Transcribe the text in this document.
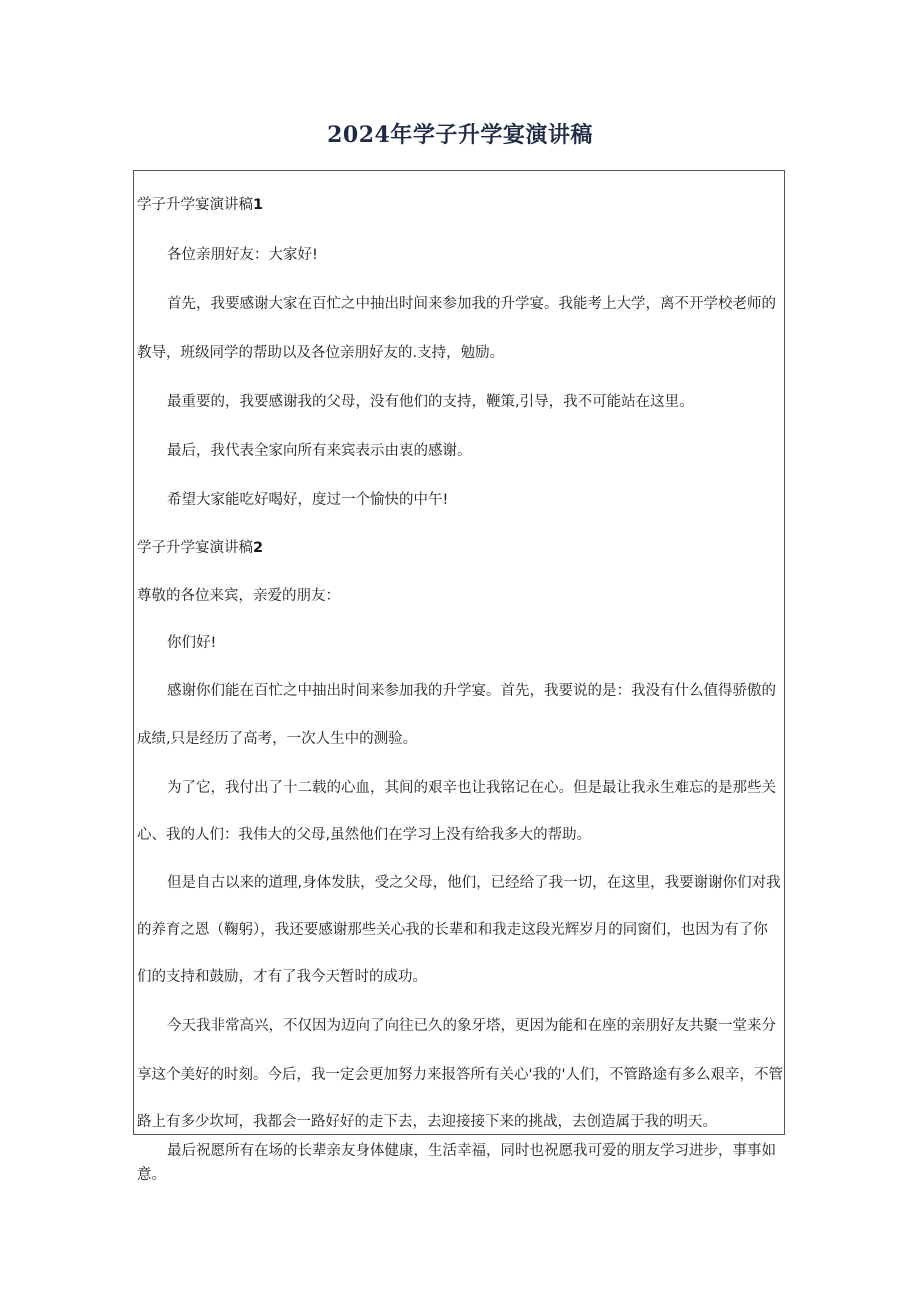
2024年学子升学宴演讲稿
学子升学宴演讲稿1
各位亲朋好友：大家好!
首先，我要感谢大家在百忙之中抽出时间来参加我的升学宴。我能考上大学，离不开学校老师的
教导，班级同学的帮助以及各位亲朋好友的.支持，勉励。
最重要的，我要感谢我的父母，没有他们的支持，鞭策,引导，我不可能站在这里。
最后，我代表全家向所有来宾表示由衷的感谢。
希望大家能吃好喝好，度过一个愉快的中午!
学子升学宴演讲稿2
尊敬的各位来宾，亲爱的朋友：
你们好!
感谢你们能在百忙之中抽出时间来参加我的升学宴。首先，我要说的是：我没有什么值得骄傲的
成绩,只是经历了高考，一次人生中的测验。
为了它，我付出了十二载的心血，其间的艰辛也让我铭记在心。但是最让我永生难忘的是那些关
心、我的人们：我伟大的父母,虽然他们在学习上没有给我多大的帮助。
但是自古以来的道理,身体发肤，受之父母，他们，已经给了我一切，在这里，我要谢谢你们对我
的养育之恩（鞠躬），我还要感谢那些关心我的长辈和和我走这段光辉岁月的同窗们，也因为有了你
们的支持和鼓励，才有了我今天暂时的成功。
今天我非常高兴，不仅因为迈向了向往已久的象牙塔，更因为能和在座的亲朋好友共聚一堂来分
享这个美好的时刻。今后，我一定会更加努力来报答所有关心'我的'人们，不管路途有多么艰辛，不管
路上有多少坎坷，我都会一路好好的走下去，去迎接接下来的挑战，去创造属于我的明天。
最后祝愿所有在场的长辈亲友身体健康，生活幸福，同时也祝愿我可爱的朋友学习进步，事事如
意。
